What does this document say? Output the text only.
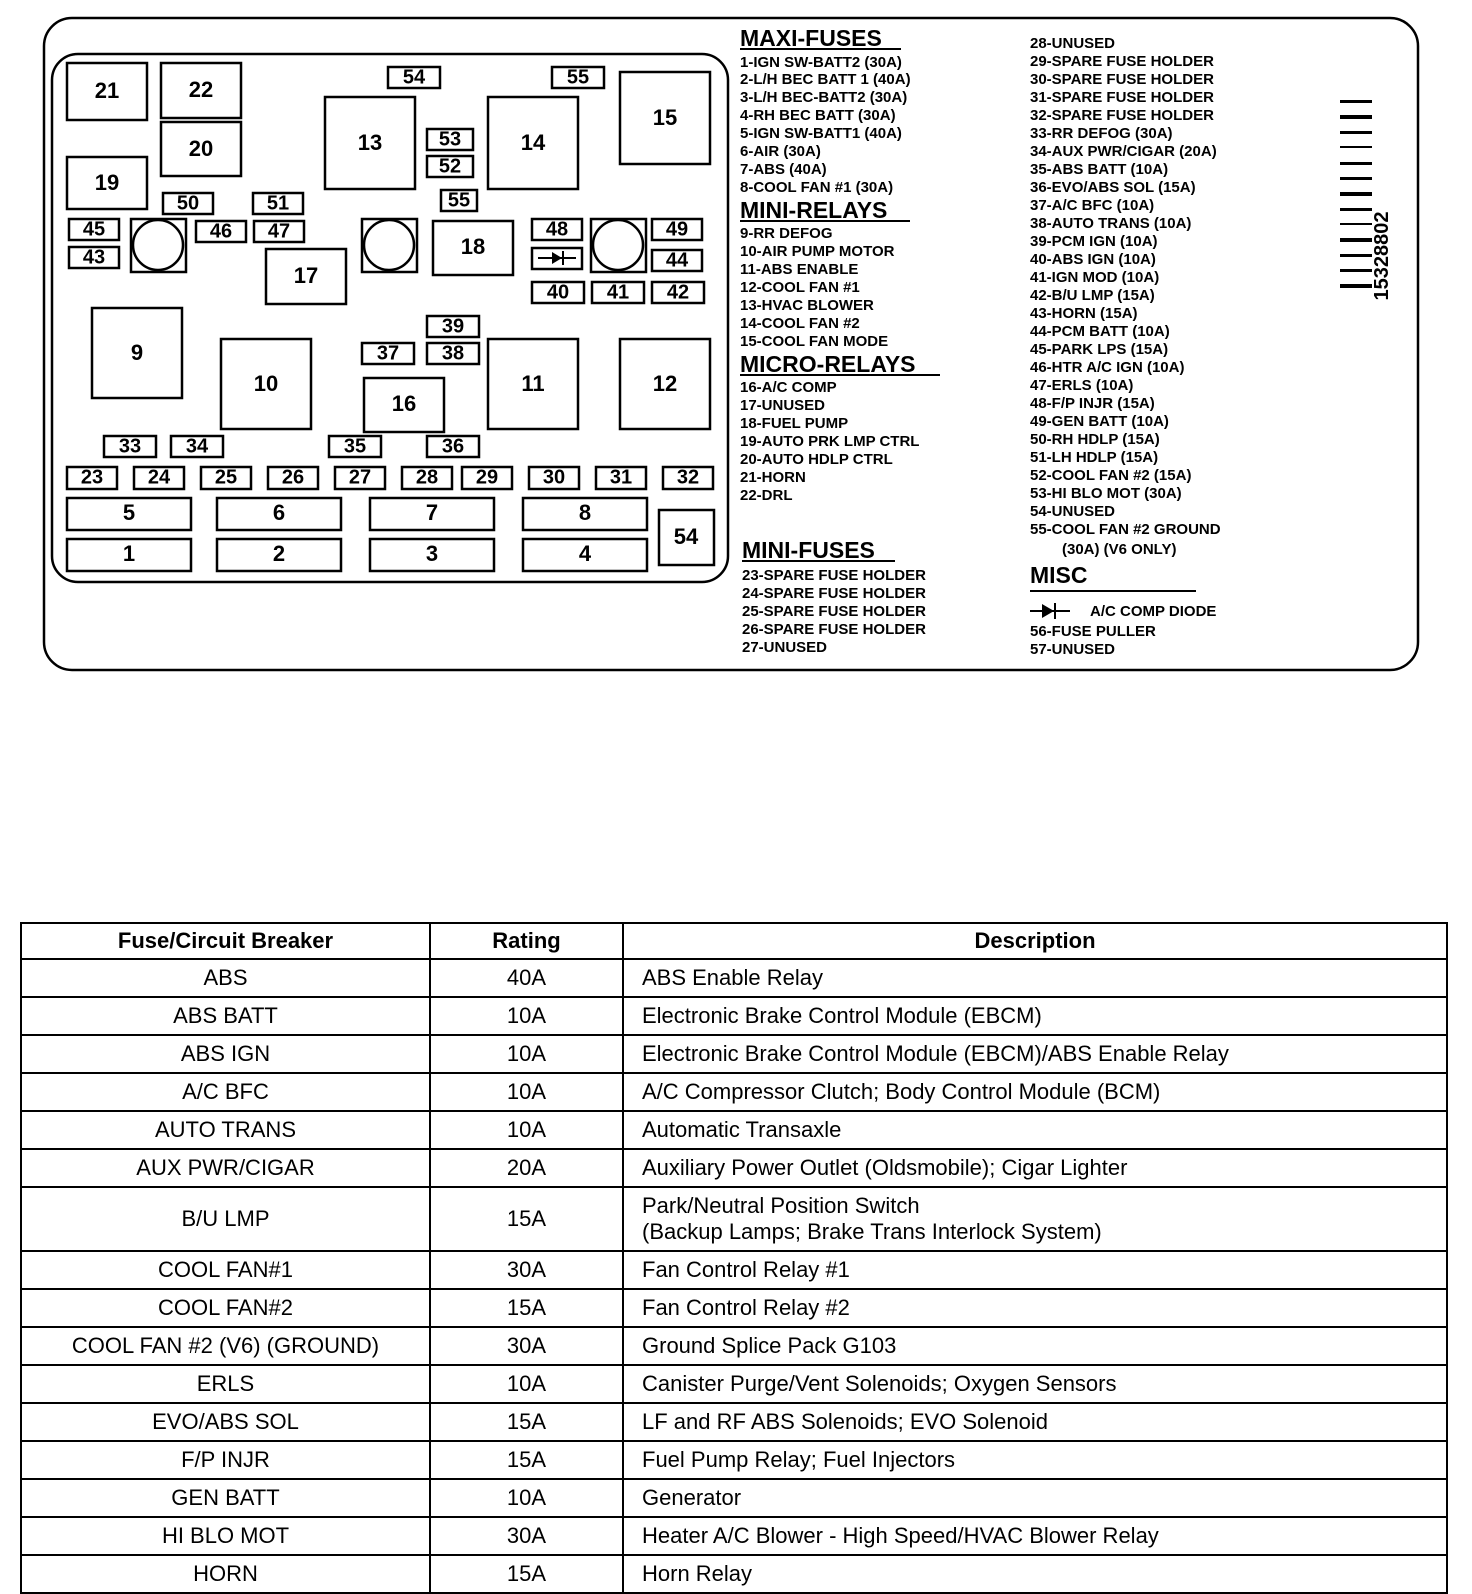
21	22
20
19
54	55
13	14
15
53
52
55
50	51
45
43
46 47	48	49
44
18
17
40 41 42
39
38
37
9
10
16
11	12
33 34	35	36
23 24 25 26 27 28 29 30 31 32
5	6	7	8
1	2	3	4
54
MAXI-FUSES
1-IGN SW-BATT2 (30A)
2-L/H BEC BATT 1 (40A)
3-L/H BEC-BATT2 (30A)
4-RH BEC BATT (30A)
5-IGN SW-BATT1 (40A)
6-AIR (30A)
7-ABS (40A)
8-COOL FAN #1 (30A)
MINI-RELAYS
9-RR DEFOG
10-AIR PUMP MOTOR
11-ABS ENABLE
12-COOL FAN #1
13-HVAC BLOWER
14-COOL FAN #2
15-COOL FAN MODE
MICRO-RELAYS
16-A/C COMP
17-UNUSED
18-FUEL PUMP
19-AUTO PRK LMP CTRL
20-AUTO HDLP CTRL
21-HORN
22-DRL
MINI-FUSES
23-SPARE FUSE HOLDER
24-SPARE FUSE HOLDER
25-SPARE FUSE HOLDER
26-SPARE FUSE HOLDER
27-UNUSED
28-UNUSED
29-SPARE FUSE HOLDER
30-SPARE FUSE HOLDER
31-SPARE FUSE HOLDER
32-SPARE FUSE HOLDER
33-RR DEFOG (30A)
34-AUX PWR/CIGAR (20A)
35-ABS BATT (10A)
36-EVO/ABS SOL (15A)
37-A/C BFC (10A)
38-AUTO TRANS (10A)
39-PCM IGN (10A)
40-ABS IGN (10A)
41-IGN MOD (10A)
42-B/U LMP (15A)
43-HORN (15A)
44-PCM BATT (10A)
45-PARK LPS (15A)
46-HTR A/C IGN (10A)
47-ERLS (10A)
48-F/P INJR (15A)
49-GEN BATT (10A)
50-RH HDLP (15A)
51-LH HDLP (15A)
52-COOL FAN #2 (15A)
53-HI BLO MOT (30A)
54-UNUSED
55-COOL FAN #2 GROUND
(30A) (V6 ONLY)
MISC
A/C COMP DIODE
56-FUSE PULLER
57-UNUSED
15328802
Fuse/Circuit Breaker	Rating	Description
ABS	40A	ABS Enable Relay
ABS BATT	10A	Electronic Brake Control Module (EBCM)
ABS IGN	10A	Electronic Brake Control Module (EBCM)/ABS Enable Relay
A/C BFC	10A	A/C Compressor Clutch; Body Control Module (BCM)
AUTO TRANS	10A	Automatic Transaxle
AUX PWR/CIGAR	20A	Auxiliary Power Outlet (Oldsmobile); Cigar Lighter
B/U LMP	15A	Park/Neutral Position Switch
(Backup Lamps; Brake Trans Interlock System)

COOL FAN#1	30A	Fan Control Relay #1
COOL FAN#2	15A	Fan Control Relay #2
COOL FAN #2 (V6) (GROUND)	30A	Ground Splice Pack G103
ERLS	10A	Canister Purge/Vent Solenoids; Oxygen Sensors
EVO/ABS SOL	15A	LF and RF ABS Solenoids; EVO Solenoid
F/P INJR	15A	Fuel Pump Relay; Fuel Injectors
GEN BATT	10A	Generator
HI BLO MOT	30A	Heater A/C Blower - High Speed/HVAC Blower Relay
HORN	15A	Horn Relay
